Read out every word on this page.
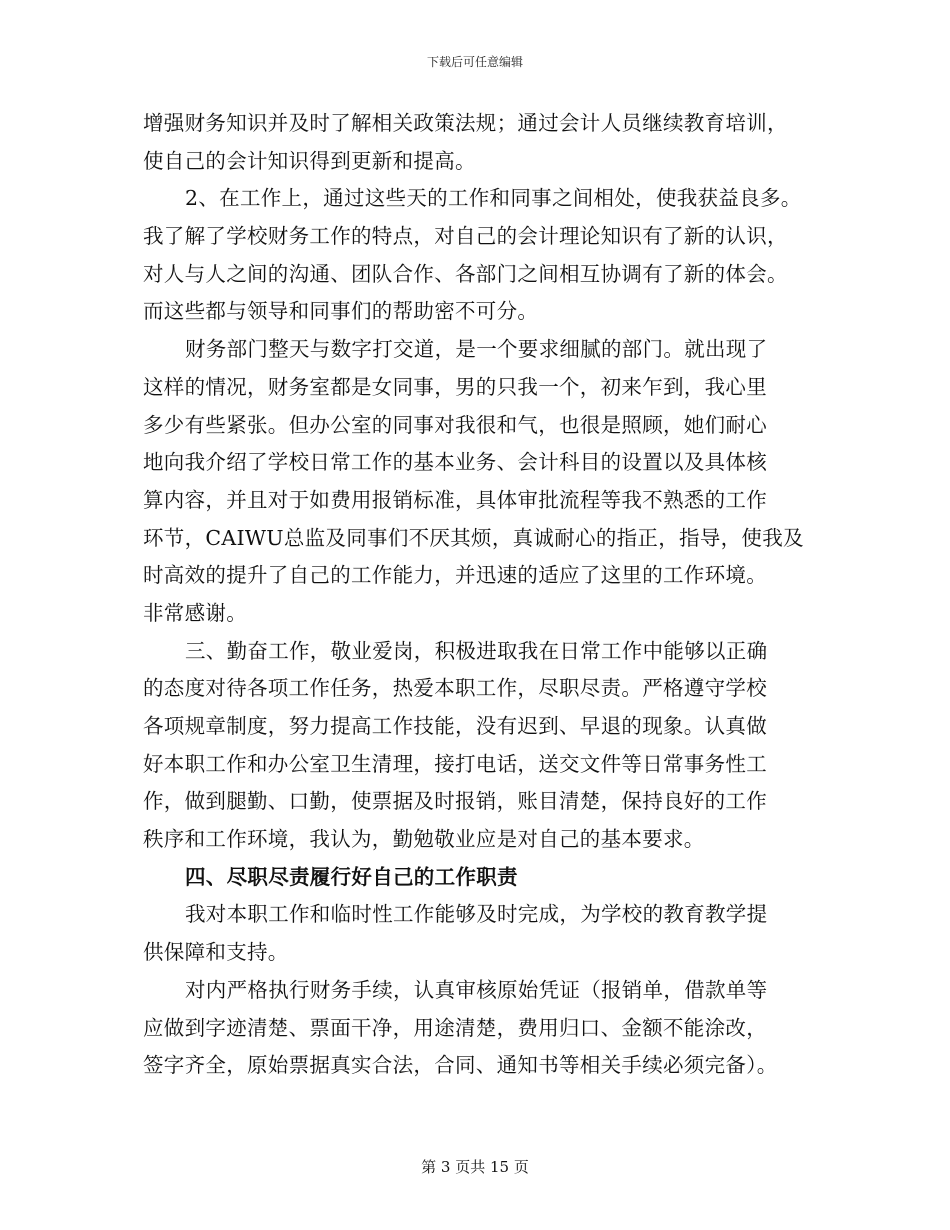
下载后可任意编辑
增强财务知识并及时了解相关政策法规；通过会计人员继续教育培训，
使自己的会计知识得到更新和提高。
2、在工作上，通过这些天的工作和同事之间相处，使我获益良多。
我了解了学校财务工作的特点，对自己的会计理论知识有了新的认识，
对人与人之间的沟通、团队合作、各部门之间相互协调有了新的体会。
而这些都与领导和同事们的帮助密不可分。
财务部门整天与数字打交道，是一个要求细腻的部门。就出现了
这样的情况，财务室都是女同事，男的只我一个，初来乍到，我心里
多少有些紧张。但办公室的同事对我很和气，也很是照顾，她们耐心
地向我介绍了学校日常工作的基本业务、会计科目的设置以及具体核
算内容，并且对于如费用报销标准，具体审批流程等我不熟悉的工作
环节，CAIWU总监及同事们不厌其烦，真诚耐心的指正，指导，使我及
时高效的提升了自己的工作能力，并迅速的适应了这里的工作环境。
非常感谢。
三、勤奋工作，敬业爱岗，积极进取我在日常工作中能够以正确
的态度对待各项工作任务，热爱本职工作，尽职尽责。严格遵守学校
各项规章制度，努力提高工作技能，没有迟到、早退的现象。认真做
好本职工作和办公室卫生清理，接打电话，送交文件等日常事务性工
作，做到腿勤、口勤，使票据及时报销，账目清楚，保持良好的工作
秩序和工作环境，我认为，勤勉敬业应是对自己的基本要求。
四、尽职尽责履行好自己的工作职责
我对本职工作和临时性工作能够及时完成，为学校的教育教学提
供保障和支持。
对内严格执行财务手续，认真审核原始凭证（报销单，借款单等
应做到字迹清楚、票面干净，用途清楚，费用归口、金额不能涂改，
签字齐全，原始票据真实合法，合同、通知书等相关手续必须完备）。
第 3 页共 15 页
